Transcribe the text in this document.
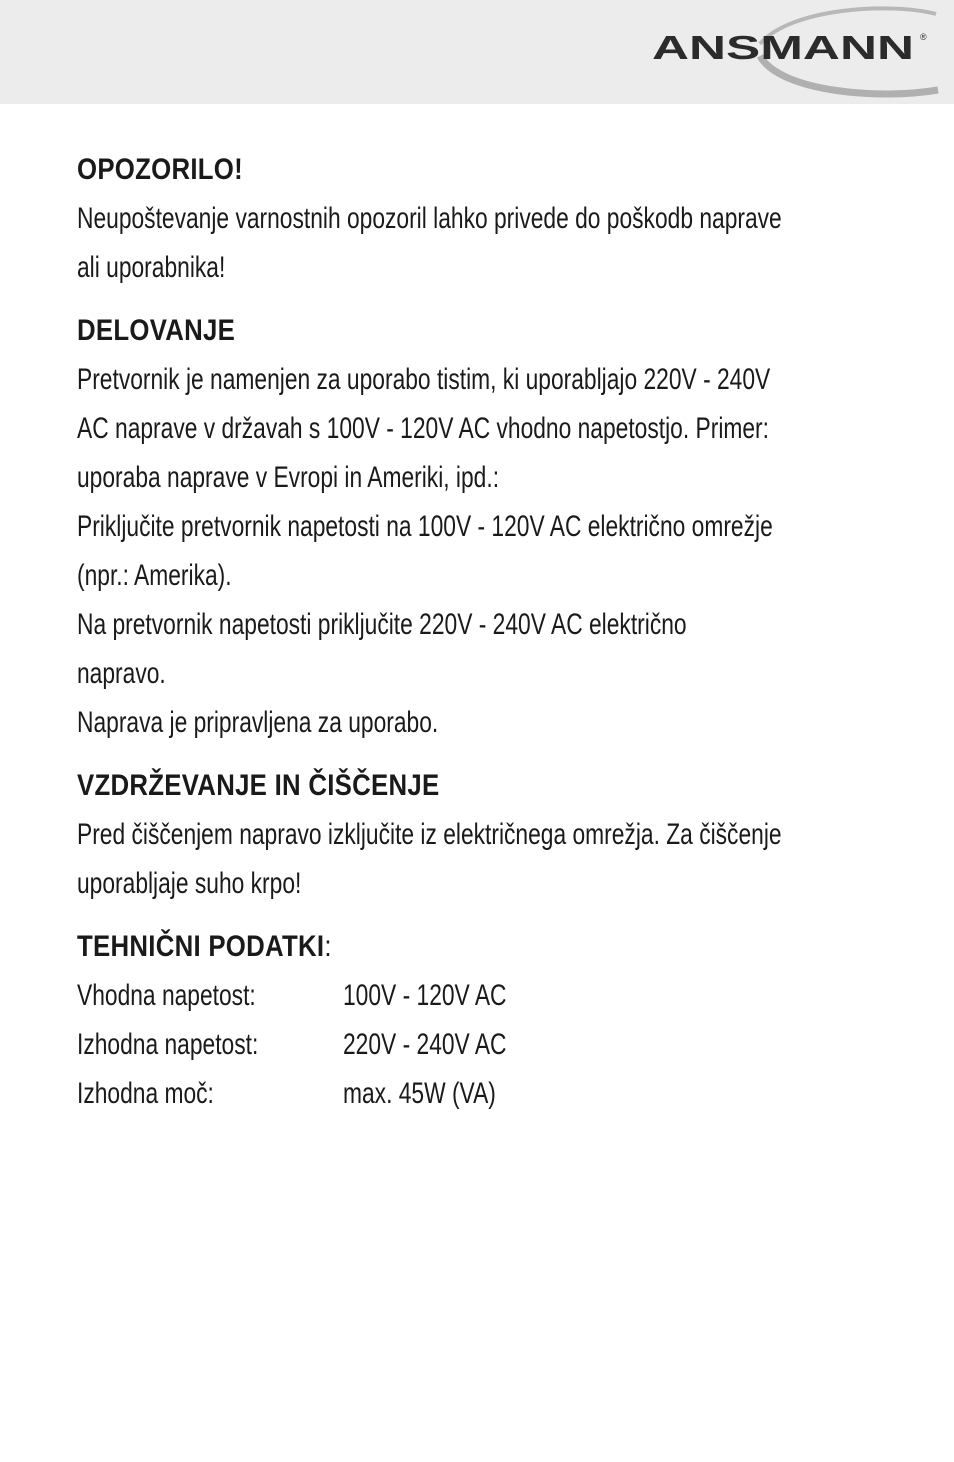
ANSMANN ®
OPOZORILO!
Neupoštevanje varnostnih opozoril lahko privede do poškodb naprave
ali uporabnika!
DELOVANJE
Pretvornik je namenjen za uporabo tistim, ki uporabljajo 220V - 240V
AC naprave v državah s 100V - 120V AC vhodno napetostjo. Primer:
uporaba naprave v Evropi in Ameriki, ipd.:
Priključite pretvornik napetosti na 100V - 120V AC električno omrežje
(npr.: Amerika).
Na pretvornik napetosti priključite 220V - 240V AC električno
napravo.
Naprava je pripravljena za uporabo.
VZDRŽEVANJE IN ČIŠČENJE
Pred čiščenjem napravo izključite iz električnega omrežja. Za čiščenje
uporabljaje suho krpo!
TEHNIČNI PODATKI:
Vhodna napetost:	100V - 120V AC
Izhodna napetost:	220V - 240V AC
Izhodna moč:	max. 45W (VA)
